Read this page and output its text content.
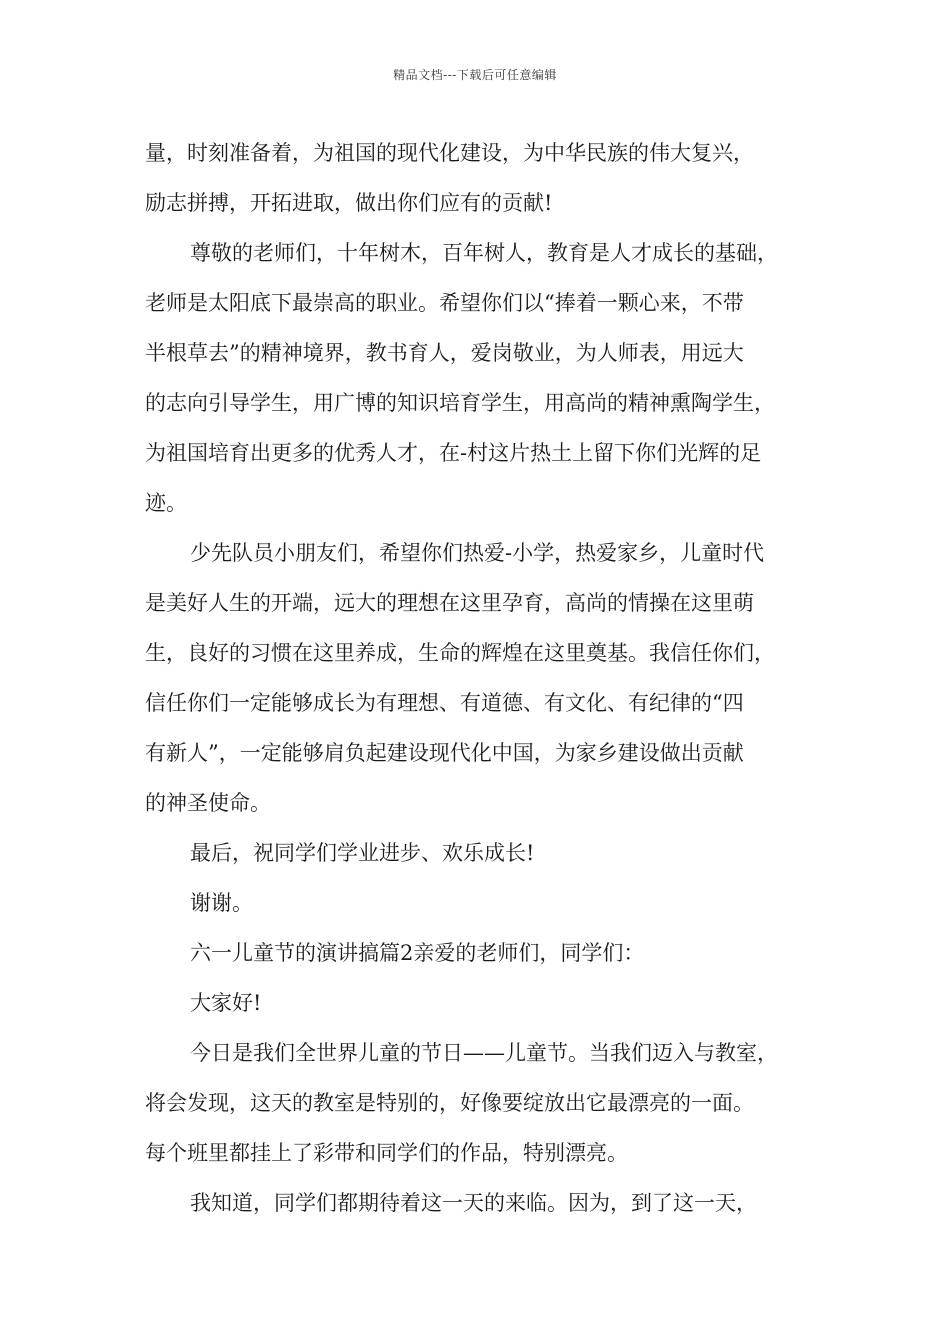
精品文档---下载后可任意编辑
量，时刻准备着，为祖国的现代化建设，为中华民族的伟大复兴，
励志拼搏，开拓进取，做出你们应有的贡献!
尊敬的老师们，十年树木，百年树人，教育是人才成长的基础，
老师是太阳底下最崇高的职业。希望你们以“捧着一颗心来，不带
半根草去”的精神境界，教书育人，爱岗敬业，为人师表，用远大
的志向引导学生，用广博的知识培育学生，用高尚的精神熏陶学生，
为祖国培育出更多的优秀人才，在-村这片热土上留下你们光辉的足
迹。
少先队员小朋友们，希望你们热爱-小学，热爱家乡，儿童时代
是美好人生的开端，远大的理想在这里孕育，高尚的情操在这里萌
生，良好的习惯在这里养成，生命的辉煌在这里奠基。我信任你们，
信任你们一定能够成长为有理想、有道德、有文化、有纪律的“四
有新人”，一定能够肩负起建设现代化中国，为家乡建设做出贡献
的神圣使命。
最后，祝同学们学业进步、欢乐成长!
谢谢。
六一儿童节的演讲搞篇2亲爱的老师们，同学们：
大家好!
今日是我们全世界儿童的节日——儿童节。当我们迈入与教室，
将会发现，这天的教室是特别的，好像要绽放出它最漂亮的一面。
每个班里都挂上了彩带和同学们的作品，特别漂亮。
我知道，同学们都期待着这一天的来临。因为，到了这一天，
